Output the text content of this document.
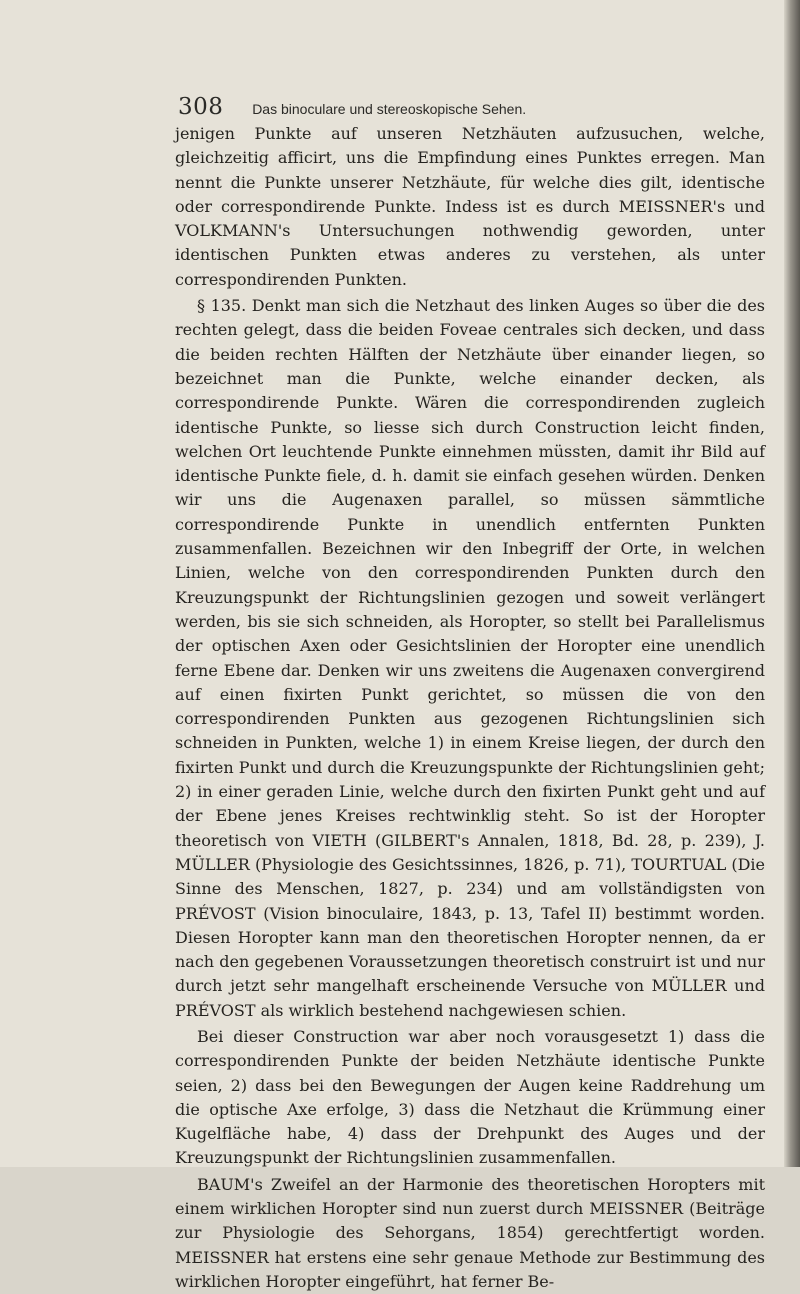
308 Das binoculare und stereoskopische Sehen.

jenigen Punkte auf unseren Netzhäuten aufzusuchen, welche, gleichzeitig afficirt, uns die Empfindung eines Punktes erregen. Man nennt die Punkte unserer Netzhäute, für welche dies gilt, identische oder correspondirende Punkte. Indess ist es durch MEISSNER's und VOLKMANN's Untersuchungen nothwendig geworden, unter identischen Punkten etwas anderes zu verstehen, als unter correspondirenden Punkten.

§ 135. Denkt man sich die Netzhaut des linken Auges so über die des rechten gelegt, dass die beiden Foveae centrales sich decken, und dass die beiden rechten Hälften der Netzhäute über einander liegen, so bezeichnet man die Punkte, welche einander decken, als correspondirende Punkte. Wären die correspondirenden zugleich identische Punkte, so liesse sich durch Construction leicht finden, welchen Ort leuchtende Punkte einnehmen müssten, damit ihr Bild auf identische Punkte fiele, d. h. damit sie einfach gesehen würden. Denken wir uns die Augenaxen parallel, so müssen sämmtliche correspondirende Punkte in unendlich entfernten Punkten zusammenfallen. Bezeichnen wir den Inbegriff der Orte, in welchen Linien, welche von den correspondirenden Punkten durch den Kreuzungspunkt der Richtungslinien gezogen und soweit verlängert werden, bis sie sich schneiden, als Horopter, so stellt bei Parallelismus der optischen Axen oder Gesichtslinien der Horopter eine unendlich ferne Ebene dar. Denken wir uns zweitens die Augenaxen convergirend auf einen fixirten Punkt gerichtet, so müssen die von den correspondirenden Punkten aus gezogenen Richtungslinien sich schneiden in Punkten, welche 1) in einem Kreise liegen, der durch den fixirten Punkt und durch die Kreuzungspunkte der Richtungslinien geht; 2) in einer geraden Linie, welche durch den fixirten Punkt geht und auf der Ebene jenes Kreises rechtwinklig steht. So ist der Horopter theoretisch von VIETH (GILBERT's Annalen, 1818, Bd. 28, p. 239), J. MÜLLER (Physiologie des Gesichtssinnes, 1826, p. 71), TOURTUAL (Die Sinne des Menschen, 1827, p. 234) und am vollständigsten von PRÉVOST (Vision binoculaire, 1843, p. 13, Tafel II) bestimmt worden. Diesen Horopter kann man den theoretischen Horopter nennen, da er nach den gegebenen Voraussetzungen theoretisch construirt ist und nur durch jetzt sehr mangelhaft erscheinende Versuche von MÜLLER und PRÉVOST als wirklich bestehend nachgewiesen schien.

Bei dieser Construction war aber noch vorausgesetzt 1) dass die correspondirenden Punkte der beiden Netzhäute identische Punkte seien, 2) dass bei den Bewegungen der Augen keine Raddrehung um die optische Axe erfolge, 3) dass die Netzhaut die Krümmung einer Kugelfläche habe, 4) dass der Drehpunkt des Auges und der Kreuzungspunkt der Richtungslinien zusammenfallen.

BAUM's Zweifel an der Harmonie des theoretischen Horopters mit einem wirklichen Horopter sind nun zuerst durch MEISSNER (Beiträge zur Physiologie des Sehorgans, 1854) gerechtfertigt worden. MEISSNER hat erstens eine sehr genaue Methode zur Bestimmung des wirklichen Horopter eingeführt, hat ferner Be-
